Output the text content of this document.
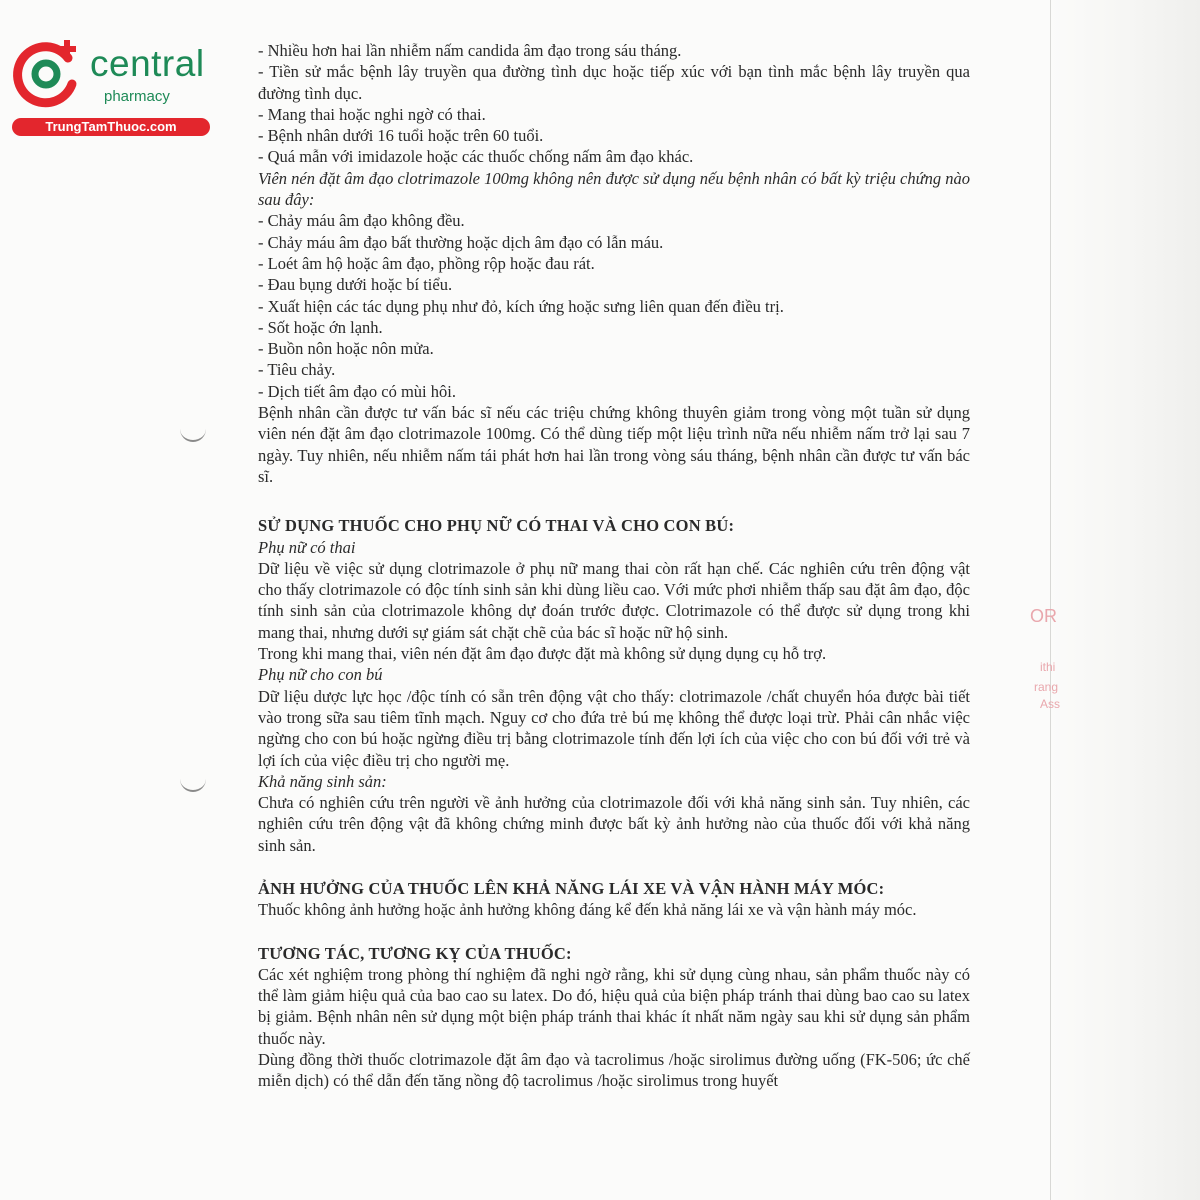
central
pharmacy
TrungTamThuoc.com
OR
ithi
rang
Ass

- Nhiều hơn hai lần nhiễm nấm candida âm đạo trong sáu tháng.

- Tiền sử mắc bệnh lây truyền qua đường tình dục hoặc tiếp xúc với bạn tình mắc bệnh lây truyền qua đường tình dục.

- Mang thai hoặc nghi ngờ có thai.

- Bệnh nhân dưới 16 tuổi hoặc trên 60 tuổi.

- Quá mẫn với imidazole hoặc các thuốc chống nấm âm đạo khác.

Viên nén đặt âm đạo clotrimazole 100mg không nên được sử dụng nếu bệnh nhân có bất kỳ triệu chứng nào sau đây:

- Chảy máu âm đạo không đều.

- Chảy máu âm đạo bất thường hoặc dịch âm đạo có lẫn máu.

- Loét âm hộ hoặc âm đạo, phồng rộp hoặc đau rát.

- Đau bụng dưới hoặc bí tiểu.

- Xuất hiện các tác dụng phụ như đỏ, kích ứng hoặc sưng liên quan đến điều trị.

- Sốt hoặc ớn lạnh.

- Buồn nôn hoặc nôn mửa.

- Tiêu chảy.

- Dịch tiết âm đạo có mùi hôi.

Bệnh nhân cần được tư vấn bác sĩ nếu các triệu chứng không thuyên giảm trong vòng một tuần sử dụng viên nén đặt âm đạo clotrimazole 100mg. Có thể dùng tiếp một liệu trình nữa nếu nhiễm nấm trở lại sau 7 ngày. Tuy nhiên, nếu nhiễm nấm tái phát hơn hai lần trong vòng sáu tháng, bệnh nhân cần được tư vấn bác sĩ.

SỬ DỤNG THUỐC CHO PHỤ NỮ CÓ THAI VÀ CHO CON BÚ:

Phụ nữ có thai

Dữ liệu về việc sử dụng clotrimazole ở phụ nữ mang thai còn rất hạn chế. Các nghiên cứu trên động vật cho thấy clotrimazole có độc tính sinh sản khi dùng liều cao. Với mức phơi nhiễm thấp sau đặt âm đạo, độc tính sinh sản của clotrimazole không dự đoán trước được. Clotrimazole có thể được sử dụng trong khi mang thai, nhưng dưới sự giám sát chặt chẽ của bác sĩ hoặc nữ hộ sinh.

Trong khi mang thai, viên nén đặt âm đạo được đặt mà không sử dụng dụng cụ hỗ trợ.

Phụ nữ cho con bú

Dữ liệu dược lực học /độc tính có sẵn trên động vật cho thấy: clotrimazole /chất chuyển hóa được bài tiết vào trong sữa sau tiêm tĩnh mạch. Nguy cơ cho đứa trẻ bú mẹ không thể được loại trừ. Phải cân nhắc việc ngừng cho con bú hoặc ngừng điều trị bằng clotrimazole tính đến lợi ích của việc cho con bú đối với trẻ và lợi ích của việc điều trị cho người mẹ.

Khả năng sinh sản:

Chưa có nghiên cứu trên người về ảnh hưởng của clotrimazole đối với khả năng sinh sản. Tuy nhiên, các nghiên cứu trên động vật đã không chứng minh được bất kỳ ảnh hưởng nào của thuốc đối với khả năng sinh sản.

ẢNH HƯỞNG CỦA THUỐC LÊN KHẢ NĂNG LÁI XE VÀ VẬN HÀNH MÁY MÓC:

Thuốc không ảnh hưởng hoặc ảnh hưởng không đáng kể đến khả năng lái xe và vận hành máy móc.

TƯƠNG TÁC, TƯƠNG KỴ CỦA THUỐC:

Các xét nghiệm trong phòng thí nghiệm đã nghi ngờ rằng, khi sử dụng cùng nhau, sản phẩm thuốc này có thể làm giảm hiệu quả của bao cao su latex. Do đó, hiệu quả của biện pháp tránh thai dùng bao cao su latex bị giảm. Bệnh nhân nên sử dụng một biện pháp tránh thai khác ít nhất năm ngày sau khi sử dụng sản phẩm thuốc này.

Dùng đồng thời thuốc clotrimazole đặt âm đạo và tacrolimus /hoặc sirolimus đường uống (FK-506; ức chế miễn dịch) có thể dẫn đến tăng nồng độ tacrolimus /hoặc sirolimus trong huyết
